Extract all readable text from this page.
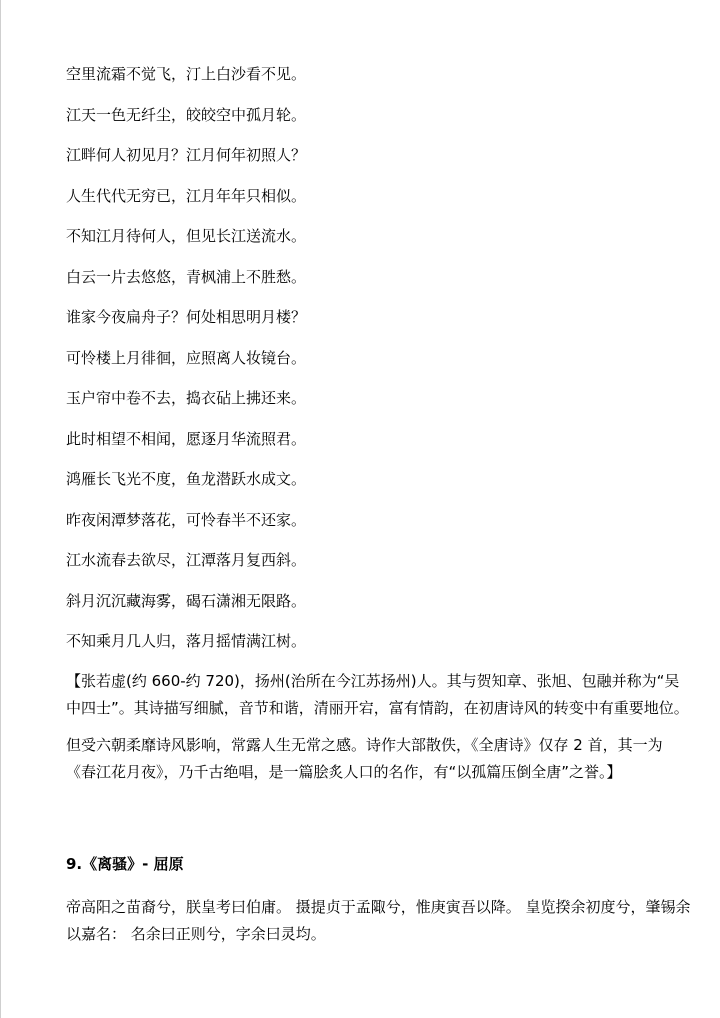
空里流霜不觉飞，汀上白沙看不见。
江天一色无纤尘，皎皎空中孤月轮。
江畔何人初见月？江月何年初照人？
人生代代无穷已，江月年年只相似。
不知江月待何人，但见长江送流水。
白云一片去悠悠，青枫浦上不胜愁。
谁家今夜扁舟子？何处相思明月楼？
可怜楼上月徘徊，应照离人妆镜台。
玉户帘中卷不去，捣衣砧上拂还来。
此时相望不相闻，愿逐月华流照君。
鸿雁长飞光不度，鱼龙潜跃水成文。
昨夜闲潭梦落花，可怜春半不还家。
江水流春去欲尽，江潭落月复西斜。
斜月沉沉藏海雾，碣石潇湘无限路。
不知乘月几人归，落月摇情满江树。

【张若虚(约 660-约 720)，扬州(治所在今江苏扬州)人。其与贺知章、张旭、包融并称为“吴中四士”。其诗描写细腻，音节和谐，清丽开宕，富有情韵，在初唐诗风的转变中有重要地位。

但受六朝柔靡诗风影响，常露人生无常之感。诗作大部散佚，《全唐诗》仅存 2 首，其一为《春江花月夜》，乃千古绝唱，是一篇脍炙人口的名作，有“以孤篇压倒全唐”之誉。】

9.《离骚》- 屈原

帝高阳之苗裔兮，朕皇考曰伯庸。 摄提贞于孟陬兮，惟庚寅吾以降。 皇览揆余初度兮，肇锡余以嘉名： 名余曰正则兮，字余曰灵均。
